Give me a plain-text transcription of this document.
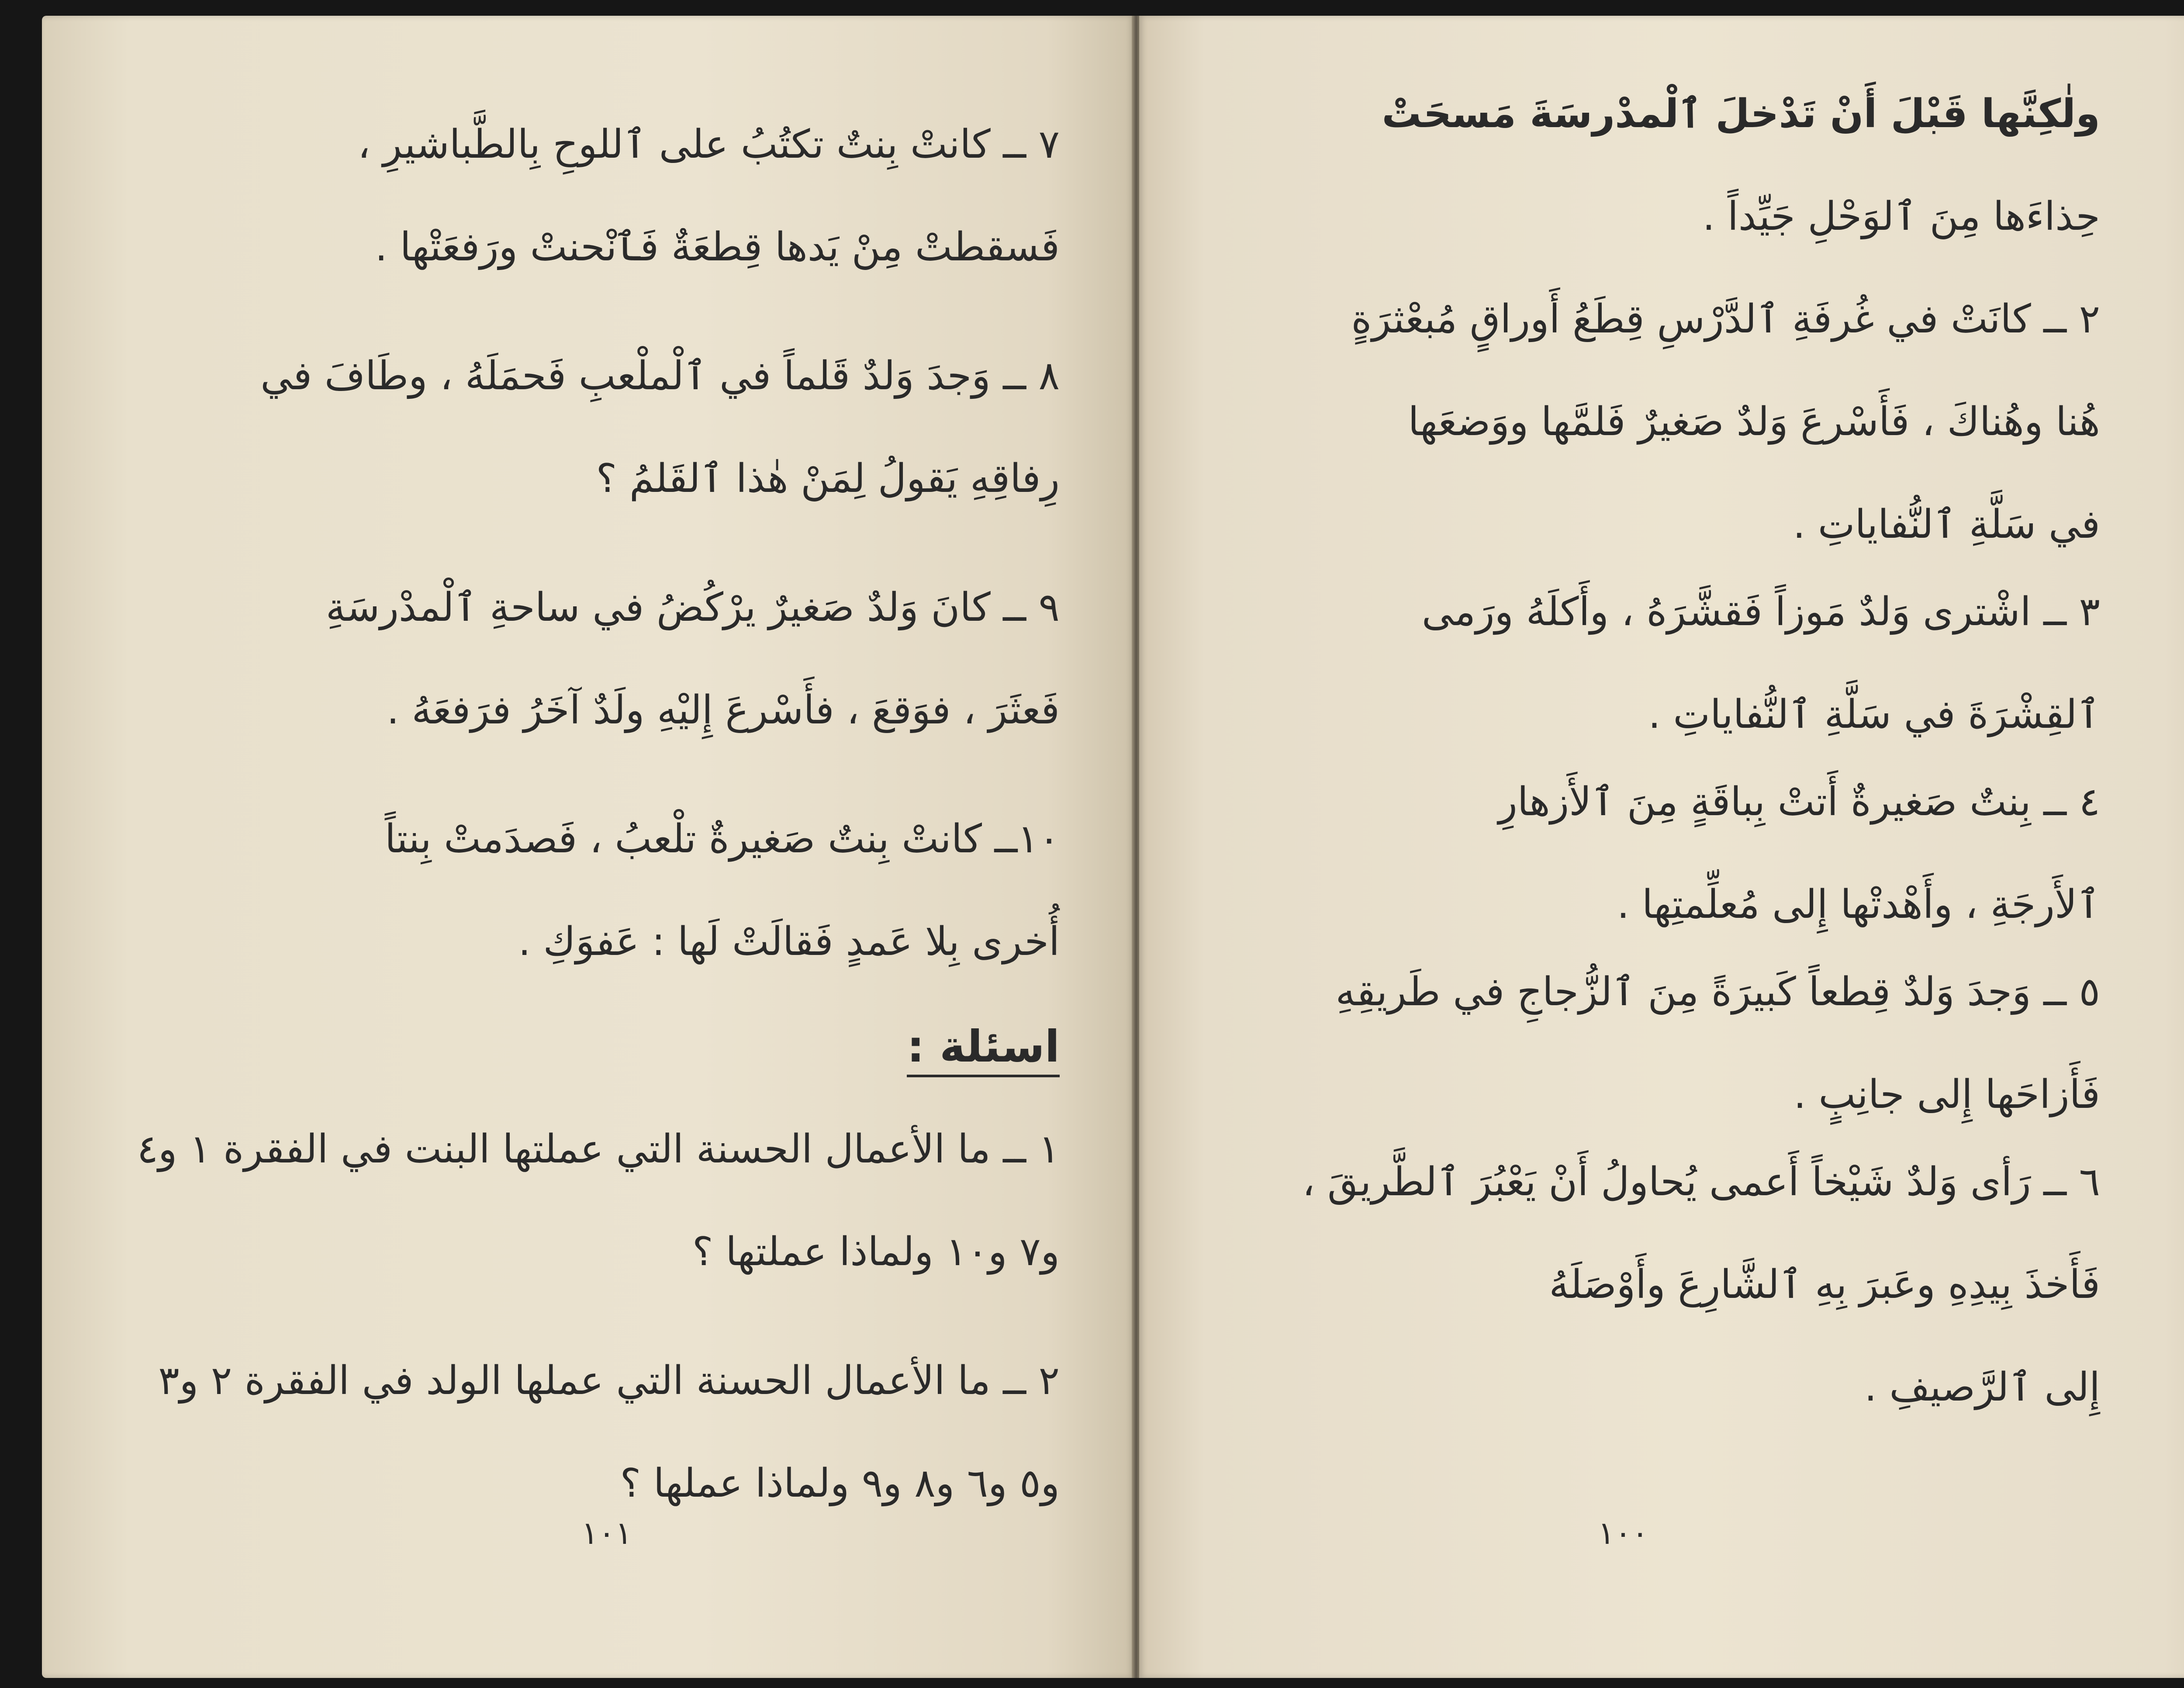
٧ ــ كانتْ بِنتٌ تكتُبُ على ٱللوحِ بِالطَّباشيرِ ،
فَسقطتْ مِنْ يَدها قِطعَةٌ فَٱنْحنتْ ورَفعَتْها .
٨ ــ وَجدَ وَلدٌ قَلماً في ٱلْملْعبِ فَحمَلَهُ ، وطَافَ في
رِفاقِهِ يَقولُ لِمَنْ هٰذا ٱلقَلمُ ؟
٩ ــ كانَ وَلدٌ صَغيرٌ يرْكُضُ في ساحةِ ٱلْمدْرسَةِ
فَعثَرَ ، فوَقعَ ، فأَسْرعَ إِليْهِ ولَدٌ آخَرُ فرَفعَهُ .
١٠ــ كانتْ بِنتٌ صَغيرةٌ تلْعبُ ، فَصدَمتْ بِنتاً
أُخرى بِلا عَمدٍ فَقالَتْ لَها : عَفوَكِ .
اسئلة :
١ ــ ما الأعمال الحسنة التي عملتها البنت في الفقرة ١ و٤
و٧ و١٠ ولماذا عملتها ؟
٢ ــ ما الأعمال الحسنة التي عملها الولد في الفقرة ٢ و٣
و٥ و٦ و٨ و٩ ولماذا عملها ؟
١٠١
ولٰكِنَّها قَبْلَ أَنْ تَدْخلَ ٱلْمدْرسَةَ مَسحَتْ
حِذاءَها مِنَ ٱلوَحْلِ جَيِّداً .
٢ ــ كانَتْ في غُرفَةِ ٱلدَّرْسِ قِطَعُ أَوراقٍ مُبعْثرَةٍ
هُنا وهُناكَ ، فَأَسْرعَ وَلدٌ صَغيرٌ فَلمَّها ووَضعَها
في سَلَّةِ ٱلنُّفاياتِ .
٣ ــ اشْترى وَلدٌ مَوزاً فَقشَّرَهُ ، وأَكلَهُ ورَمى
ٱلقِشْرَةَ في سَلَّةِ ٱلنُّفاياتِ .
٤ ــ بِنتٌ صَغيرةٌ أَتتْ بِباقَةٍ مِنَ ٱلأَزهارِ
ٱلأَرجَةِ ، وأَهْدتْها إِلى مُعلِّمتِها .
٥ ــ وَجدَ وَلدٌ قِطعاً كَبيرَةً مِنَ ٱلزُّجاجِ في طَريقِهِ
فَأَزاحَها إِلى جانِبٍ .
٦ ــ رَأى وَلدٌ شَيْخاً أَعمى يُحاولُ أَنْ يَعْبُرَ ٱلطَّريقَ ،
فَأَخذَ بِيدِهِ وعَبرَ بِهِ ٱلشَّارِعَ وأَوْصَلَهُ
إِلى ٱلرَّصيفِ .
١٠٠
